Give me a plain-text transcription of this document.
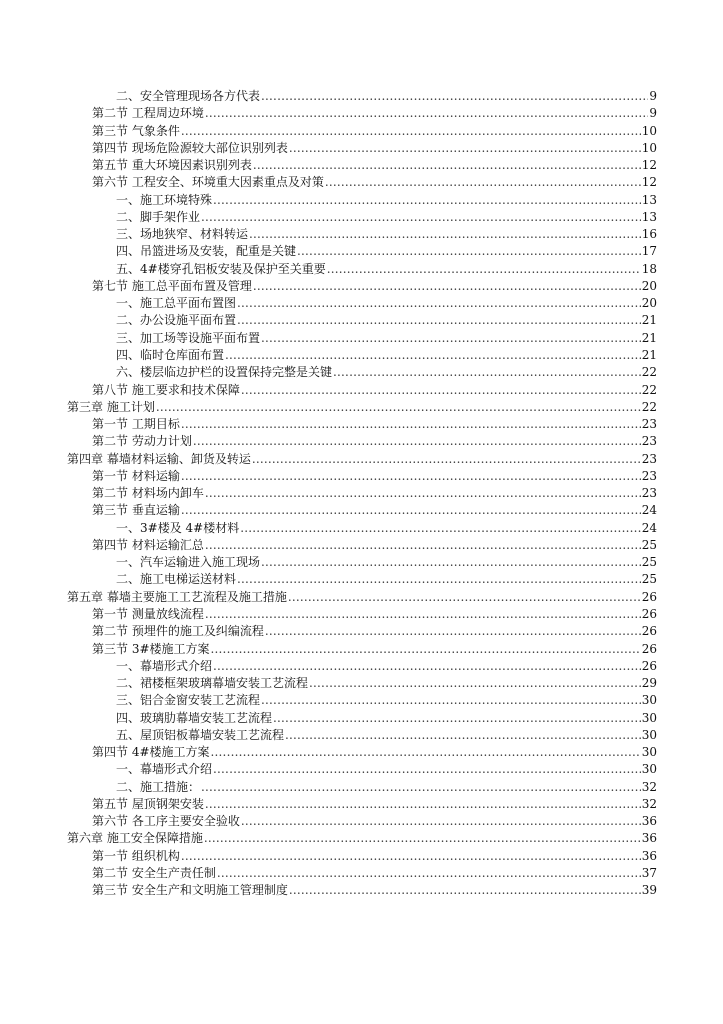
二、安全管理现场各方代表 .....	9
第二节 工程周边环境 .....	9
第三节 气象条件 .....	10
第四节 现场危险源较大部位识别列表 .....	10
第五节 重大环境因素识别列表 .....	12
第六节 工程安全、环境重大因素重点及对策 .....	12
一、施工环境特殊 .....	13
二、脚手架作业 .....	13
三、场地狭窄、材料转运 .....	16
四、吊篮进场及安装，配重是关键 .....	17
五、4#楼穿孔铝板安装及保护至关重要 .....	18
第七节 施工总平面布置及管理 .....	20
一、施工总平面布置图 .....	20
二、办公设施平面布置 .....	21
三、加工场等设施平面布置 .....	21
四、临时仓库面布置 .....	21
六、楼层临边护栏的设置保持完整是关键 .....	22
第八节 施工要求和技术保障 .....	22
第三章 施工计划 .....	22
第一节 工期目标 .....	23
第二节 劳动力计划 .....	23
第四章 幕墙材料运输、卸货及转运 .....	23
第一节 材料运输 .....	23
第二节 材料场内卸车 .....	23
第三节 垂直运输 .....	24
一、3#楼及 4#楼材料 .....	24
第四节 材料运输汇总 .....	25
一、汽车运输进入施工现场 .....	25
二、施工电梯运送材料 .....	25
第五章 幕墙主要施工工艺流程及施工措施 .....	26
第一节 测量放线流程 .....	26
第二节 预埋件的施工及纠编流程 .....	26
第三节 3#楼施工方案 .....	26
一、幕墙形式介绍 .....	26
二、裙楼框架玻璃幕墙安装工艺流程 .....	29
三、铝合金窗安装工艺流程 .....	30
四、玻璃肋幕墙安装工艺流程 .....	30
五、屋顶铝板幕墙安装工艺流程 .....	30
第四节 4#楼施工方案 .....	30
一、幕墙形式介绍 .....	30
二、施工措施： .....	32
第五节 屋顶钢架安装 .....	32
第六节 各工序主要安全验收 .....	36
第六章 施工安全保障措施 .....	36
第一节 组织机构 .....	36
第二节 安全生产责任制 .....	37
第三节 安全生产和文明施工管理制度 .....	39
